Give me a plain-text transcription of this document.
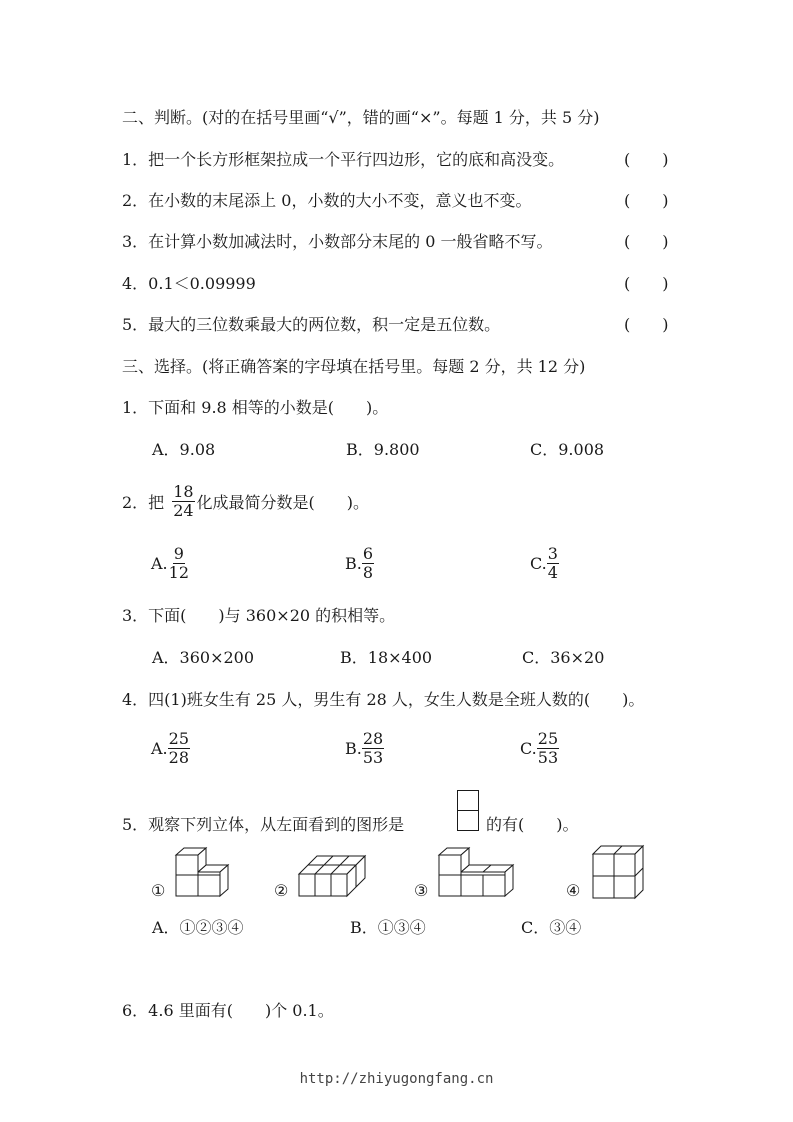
二、判断。(对的在括号里画“√”，错的画“×”。每题 1 分，共 5 分)
1．把一个长方形框架拉成一个平行四边形，它的底和高没变。	(　　)
2．在小数的末尾添上 0，小数的大小不变，意义也不变。	(　　)
3．在计算小数加减法时，小数部分末尾的 0 一般省略不写。	(　　)
4．0.1＜0.09999	(　　)
5．最大的三位数乘最大的两位数，积一定是五位数。	(　　)
三、选择。(将正确答案的字母填在括号里。每题 2 分，共 12 分)
1．下面和 9.8 相等的小数是(　　)。
A．9.08	B．9.800	C．9.008
2．把 $\frac{18}{24}$ 化成最简分数是(　　)。
A. $\frac{9}{12}$	B. $\frac{6}{8}$	C. $\frac{3}{4}$
3．下面(　　)与 360×20 的积相等。
A．360×200	B．18×400	C．36×20
4．四(1)班女生有 25 人，男生有 28 人，女生人数是全班人数的(　　)。
A. $\frac{25}{28}$	B. $\frac{28}{53}$	C. $\frac{25}{53}$
5．观察下列立体，从左面看到的图形是	的有(　　)。
①	②	③	④
A．①②③④	B．①③④	C．③④
6．4.6 里面有(　　)个 0.1。
http://zhiyugongfang.cn
